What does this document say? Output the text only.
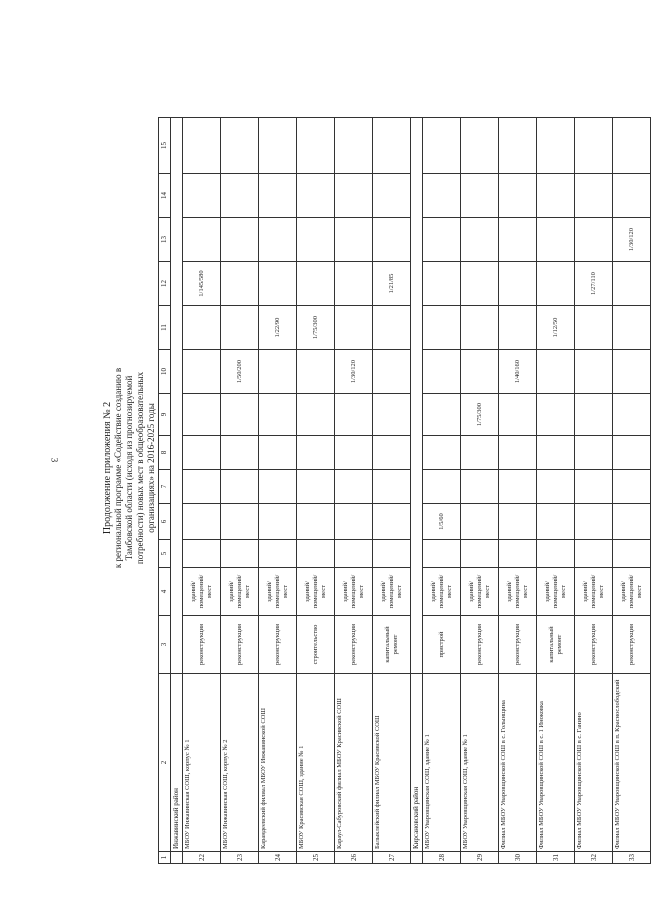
3	Продолжение приложения № 2 к региональной программе «Содействие созданию в Тамбовской области (исходя из прогнозируемой потребности) новых мест в общеобразовательных организациях» на 2016-2025 годы
1	2	3	4	5	6	7	8	9	10	11	12	13	14	15
	Инжавинский район													
22	МБОУ Инжавинская СОШ, корпус № 1	реконструкция	зданий/ помещений/ мест								1/145/580			
23	МБОУ Инжавинская СОШ, корпус № 2	реконструкция	зданий/ помещений/ мест						1/50/200					
24	Карандеевский филиал МБОУ Инжавинской СОШ	реконструкция	зданий/ помещений/ мест							1/22/90				
25	МБОУ Красивская СОШ, здание № 1	строительство	зданий/ помещений/ мест							1/75/300				
26	Караул-Сабуровский филиал МБОУ Красивской СОШ	реконструкция	зданий/ помещений/ мест						1/30/120					
27	Балыклейский филиал МБОУ Красивской СОШ	капитальный ремонт	зданий/ помещений/ мест								1/21/85			
	Кирсановский район													
28	МБОУ Уваровщинская СОШ, здание № 1	пристрой	зданий/ помещений/ мест		1/5/60									
29	МБОУ Уваровщинская СОШ, здание № 1	реконструкция	зданий/ помещений/ мест					1/75/300						
30	Филиал МБОУ Уваровщинской СОШ в с. Голынщина	реконструкция	зданий/ помещений/ мест						1/40/160					
31	Филиал МБОУ Уваровщинской СОШ в с. 1 Иноковка	капитальный ремонт	зданий/ помещений/ мест							1/12/50				
32	Филиал МБОУ Уваровщинской СОШ в с. Ганино	реконструкция	зданий/ помещений/ мест								1/27/110			
33	Филиал МБОУ Уваровщинской СОШ в п. Краснослободский	реконструкция	зданий/ помещений/ мест									1/30/120		
